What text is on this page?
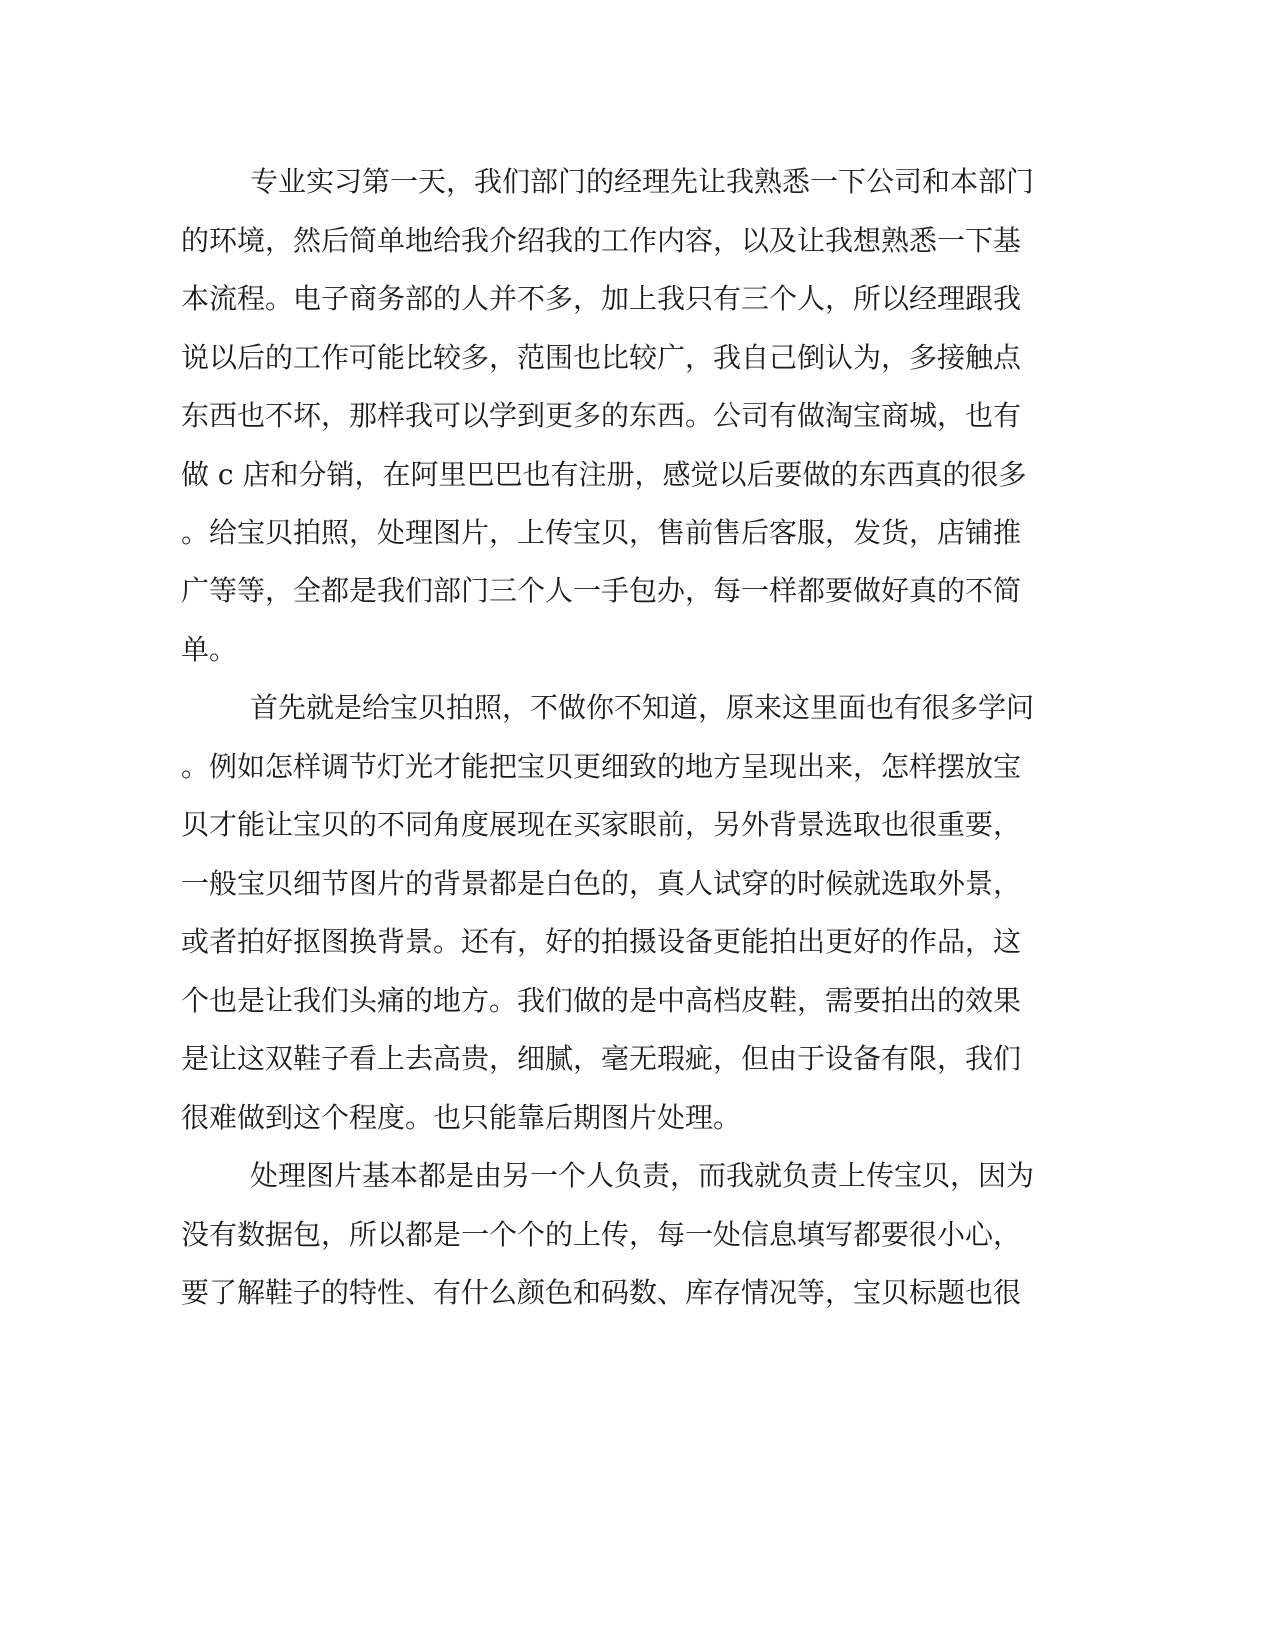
专业实习第一天，我们部门的经理先让我熟悉一下公司和本部门
的环境，然后简单地给我介绍我的工作内容，以及让我想熟悉一下基
本流程。电子商务部的人并不多，加上我只有三个人，所以经理跟我
说以后的工作可能比较多，范围也比较广，我自己倒认为，多接触点
东西也不坏，那样我可以学到更多的东西。公司有做淘宝商城，也有
做 c 店和分销，在阿里巴巴也有注册，感觉以后要做的东西真的很多
。给宝贝拍照，处理图片，上传宝贝，售前售后客服，发货，店铺推
广等等，全都是我们部门三个人一手包办，每一样都要做好真的不简
单。
首先就是给宝贝拍照，不做你不知道，原来这里面也有很多学问
。例如怎样调节灯光才能把宝贝更细致的地方呈现出来，怎样摆放宝
贝才能让宝贝的不同角度展现在买家眼前，另外背景选取也很重要，
一般宝贝细节图片的背景都是白色的，真人试穿的时候就选取外景，
或者拍好抠图换背景。还有，好的拍摄设备更能拍出更好的作品，这
个也是让我们头痛的地方。我们做的是中高档皮鞋，需要拍出的效果
是让这双鞋子看上去高贵，细腻，毫无瑕疵，但由于设备有限，我们
很难做到这个程度。也只能靠后期图片处理。
处理图片基本都是由另一个人负责，而我就负责上传宝贝，因为
没有数据包，所以都是一个个的上传，每一处信息填写都要很小心，
要了解鞋子的特性、有什么颜色和码数、库存情况等，宝贝标题也很
